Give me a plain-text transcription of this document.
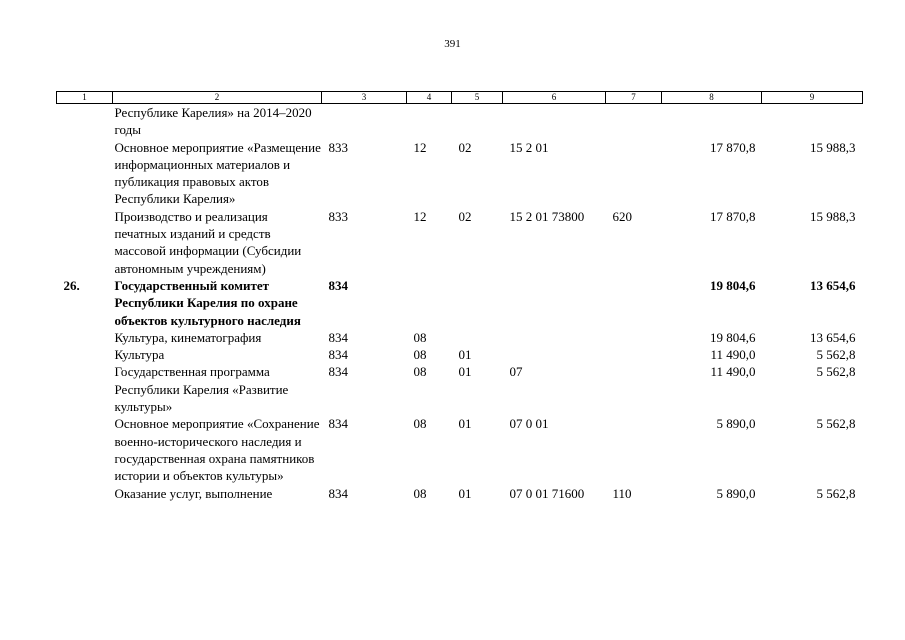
391
1	2	3	4	5	6	7	8	9
	Республике Карелия» на 2014–2020 годы							
	Основное мероприятие «Размещение информационных материалов и публикация правовых актов Республики Карелия»	833	12	02	15 2 01		17 870,8	15 988,3
	Производство и реализация печатных изданий и средств массовой информации (Субсидии автономным учреждениям)	833	12	02	15 2 01 73800	620	17 870,8	15 988,3
26.	Государственный комитет Республики Карелия по охране объектов культурного наследия	834					19 804,6	13 654,6
	Культура, кинематография	834	08				19 804,6	13 654,6
	Культура	834	08	01			11 490,0	5 562,8
	Государственная программа Республики Карелия «Развитие культуры»	834	08	01	07		11 490,0	5 562,8
	Основное мероприятие «Сохранение военно-исторического наследия и государственная охрана памятников истории и объектов культуры»	834	08	01	07 0 01		5 890,0	5 562,8
	Оказание услуг, выполнение	834	08	01	07 0 01 71600	110	5 890,0	5 562,8
